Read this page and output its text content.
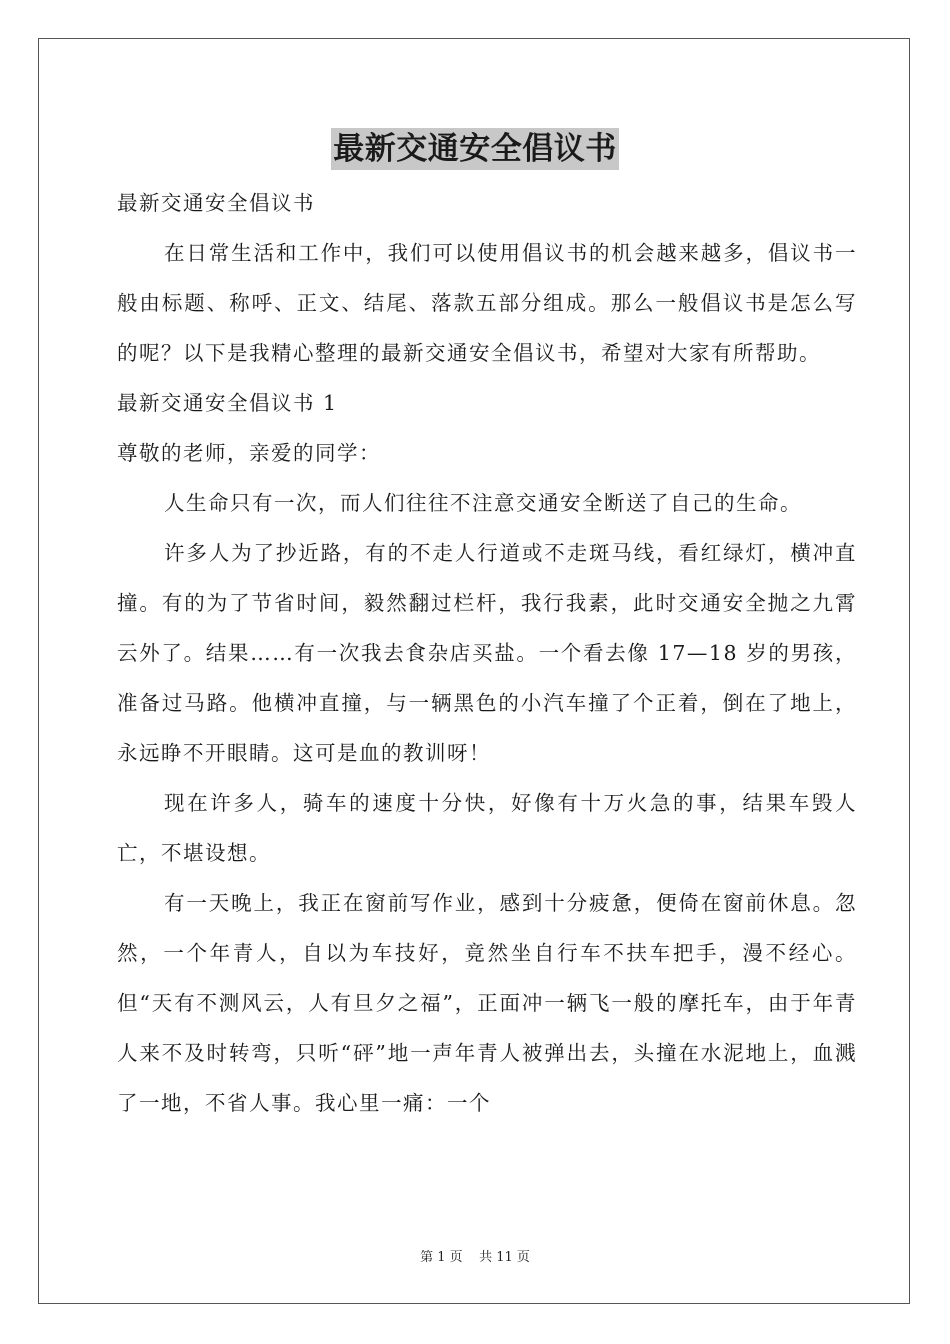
最新交通安全倡议书

最新交通安全倡议书

在日常生活和工作中，我们可以使用倡议书的机会越来越多，倡议书一般由标题、称呼、正文、结尾、落款五部分组成。那么一般倡议书是怎么写的呢？以下是我精心整理的最新交通安全倡议书，希望对大家有所帮助。

最新交通安全倡议书 1

尊敬的老师，亲爱的同学：

人生命只有一次，而人们往往不注意交通安全断送了自己的生命。

许多人为了抄近路，有的不走人行道或不走斑马线，看红绿灯，横冲直撞。有的为了节省时间，毅然翻过栏杆，我行我素，此时交通安全抛之九霄云外了。结果……有一次我去食杂店买盐。一个看去像 17—18 岁的男孩，准备过马路。他横冲直撞，与一辆黑色的小汽车撞了个正着，倒在了地上，永远睁不开眼睛。这可是血的教训呀！

现在许多人，骑车的速度十分快，好像有十万火急的事，结果车毁人亡，不堪设想。

有一天晚上，我正在窗前写作业，感到十分疲惫，便倚在窗前休息。忽然，一个年青人，自以为车技好，竟然坐自行车不扶车把手，漫不经心。但“天有不测风云，人有旦夕之福”，正面冲一辆飞一般的摩托车，由于年青人来不及时转弯，只听“砰”地一声年青人被弹出去，头撞在水泥地上，血溅了一地，不省人事。我心里一痛：一个

第 1 页    共 11 页
